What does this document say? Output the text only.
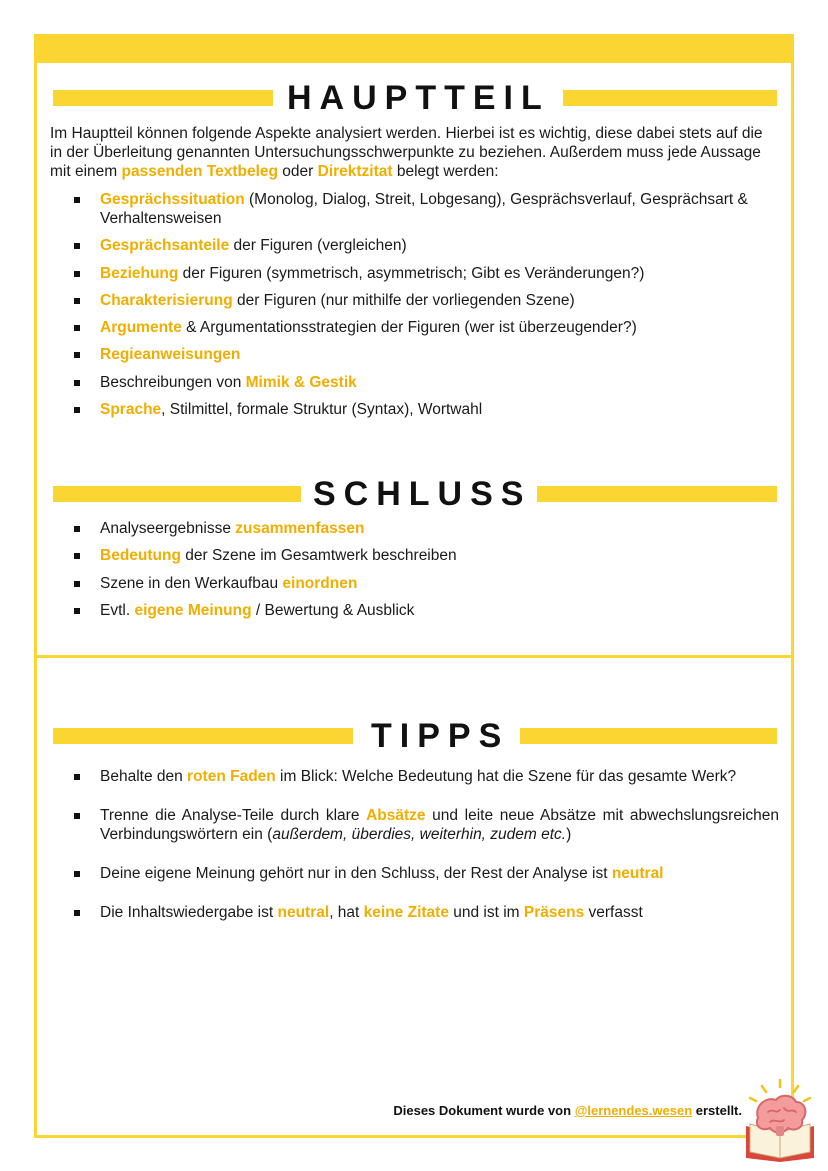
HAUPTTEIL
Im Hauptteil können folgende Aspekte analysiert werden. Hierbei ist es wichtig, diese dabei stets auf die in der Überleitung genannten Untersuchungsschwerpunkte zu beziehen. Außerdem muss jede Aussage mit einem passenden Textbeleg oder Direktzitat belegt werden:
Gesprächssituation (Monolog, Dialog, Streit, Lobgesang), Gesprächsverlauf, Gesprächsart & Verhaltensweisen
Gesprächsanteile der Figuren (vergleichen)
Beziehung der Figuren (symmetrisch, asymmetrisch; Gibt es Veränderungen?)
Charakterisierung der Figuren (nur mithilfe der vorliegenden Szene)
Argumente & Argumentationsstrategien der Figuren (wer ist überzeugender?)
Regieanweisungen
Beschreibungen von Mimik & Gestik
Sprache, Stilmittel, formale Struktur (Syntax), Wortwahl
SCHLUSS
Analyseergebnisse zusammenfassen
Bedeutung der Szene im Gesamtwerk beschreiben
Szene in den Werkaufbau einordnen
Evtl. eigene Meinung / Bewertung & Ausblick
TIPPS
Behalte den roten Faden im Blick: Welche Bedeutung hat die Szene für das gesamte Werk?
Trenne die Analyse-Teile durch klare Absätze und leite neue Absätze mit abwechslungsreichen Verbindungswörtern ein (außerdem, überdies, weiterhin, zudem etc.)
Deine eigene Meinung gehört nur in den Schluss, der Rest der Analyse ist neutral
Die Inhaltswiedergabe ist neutral, hat keine Zitate und ist im Präsens verfasst
Dieses Dokument wurde von @lernendes.wesen erstellt.
